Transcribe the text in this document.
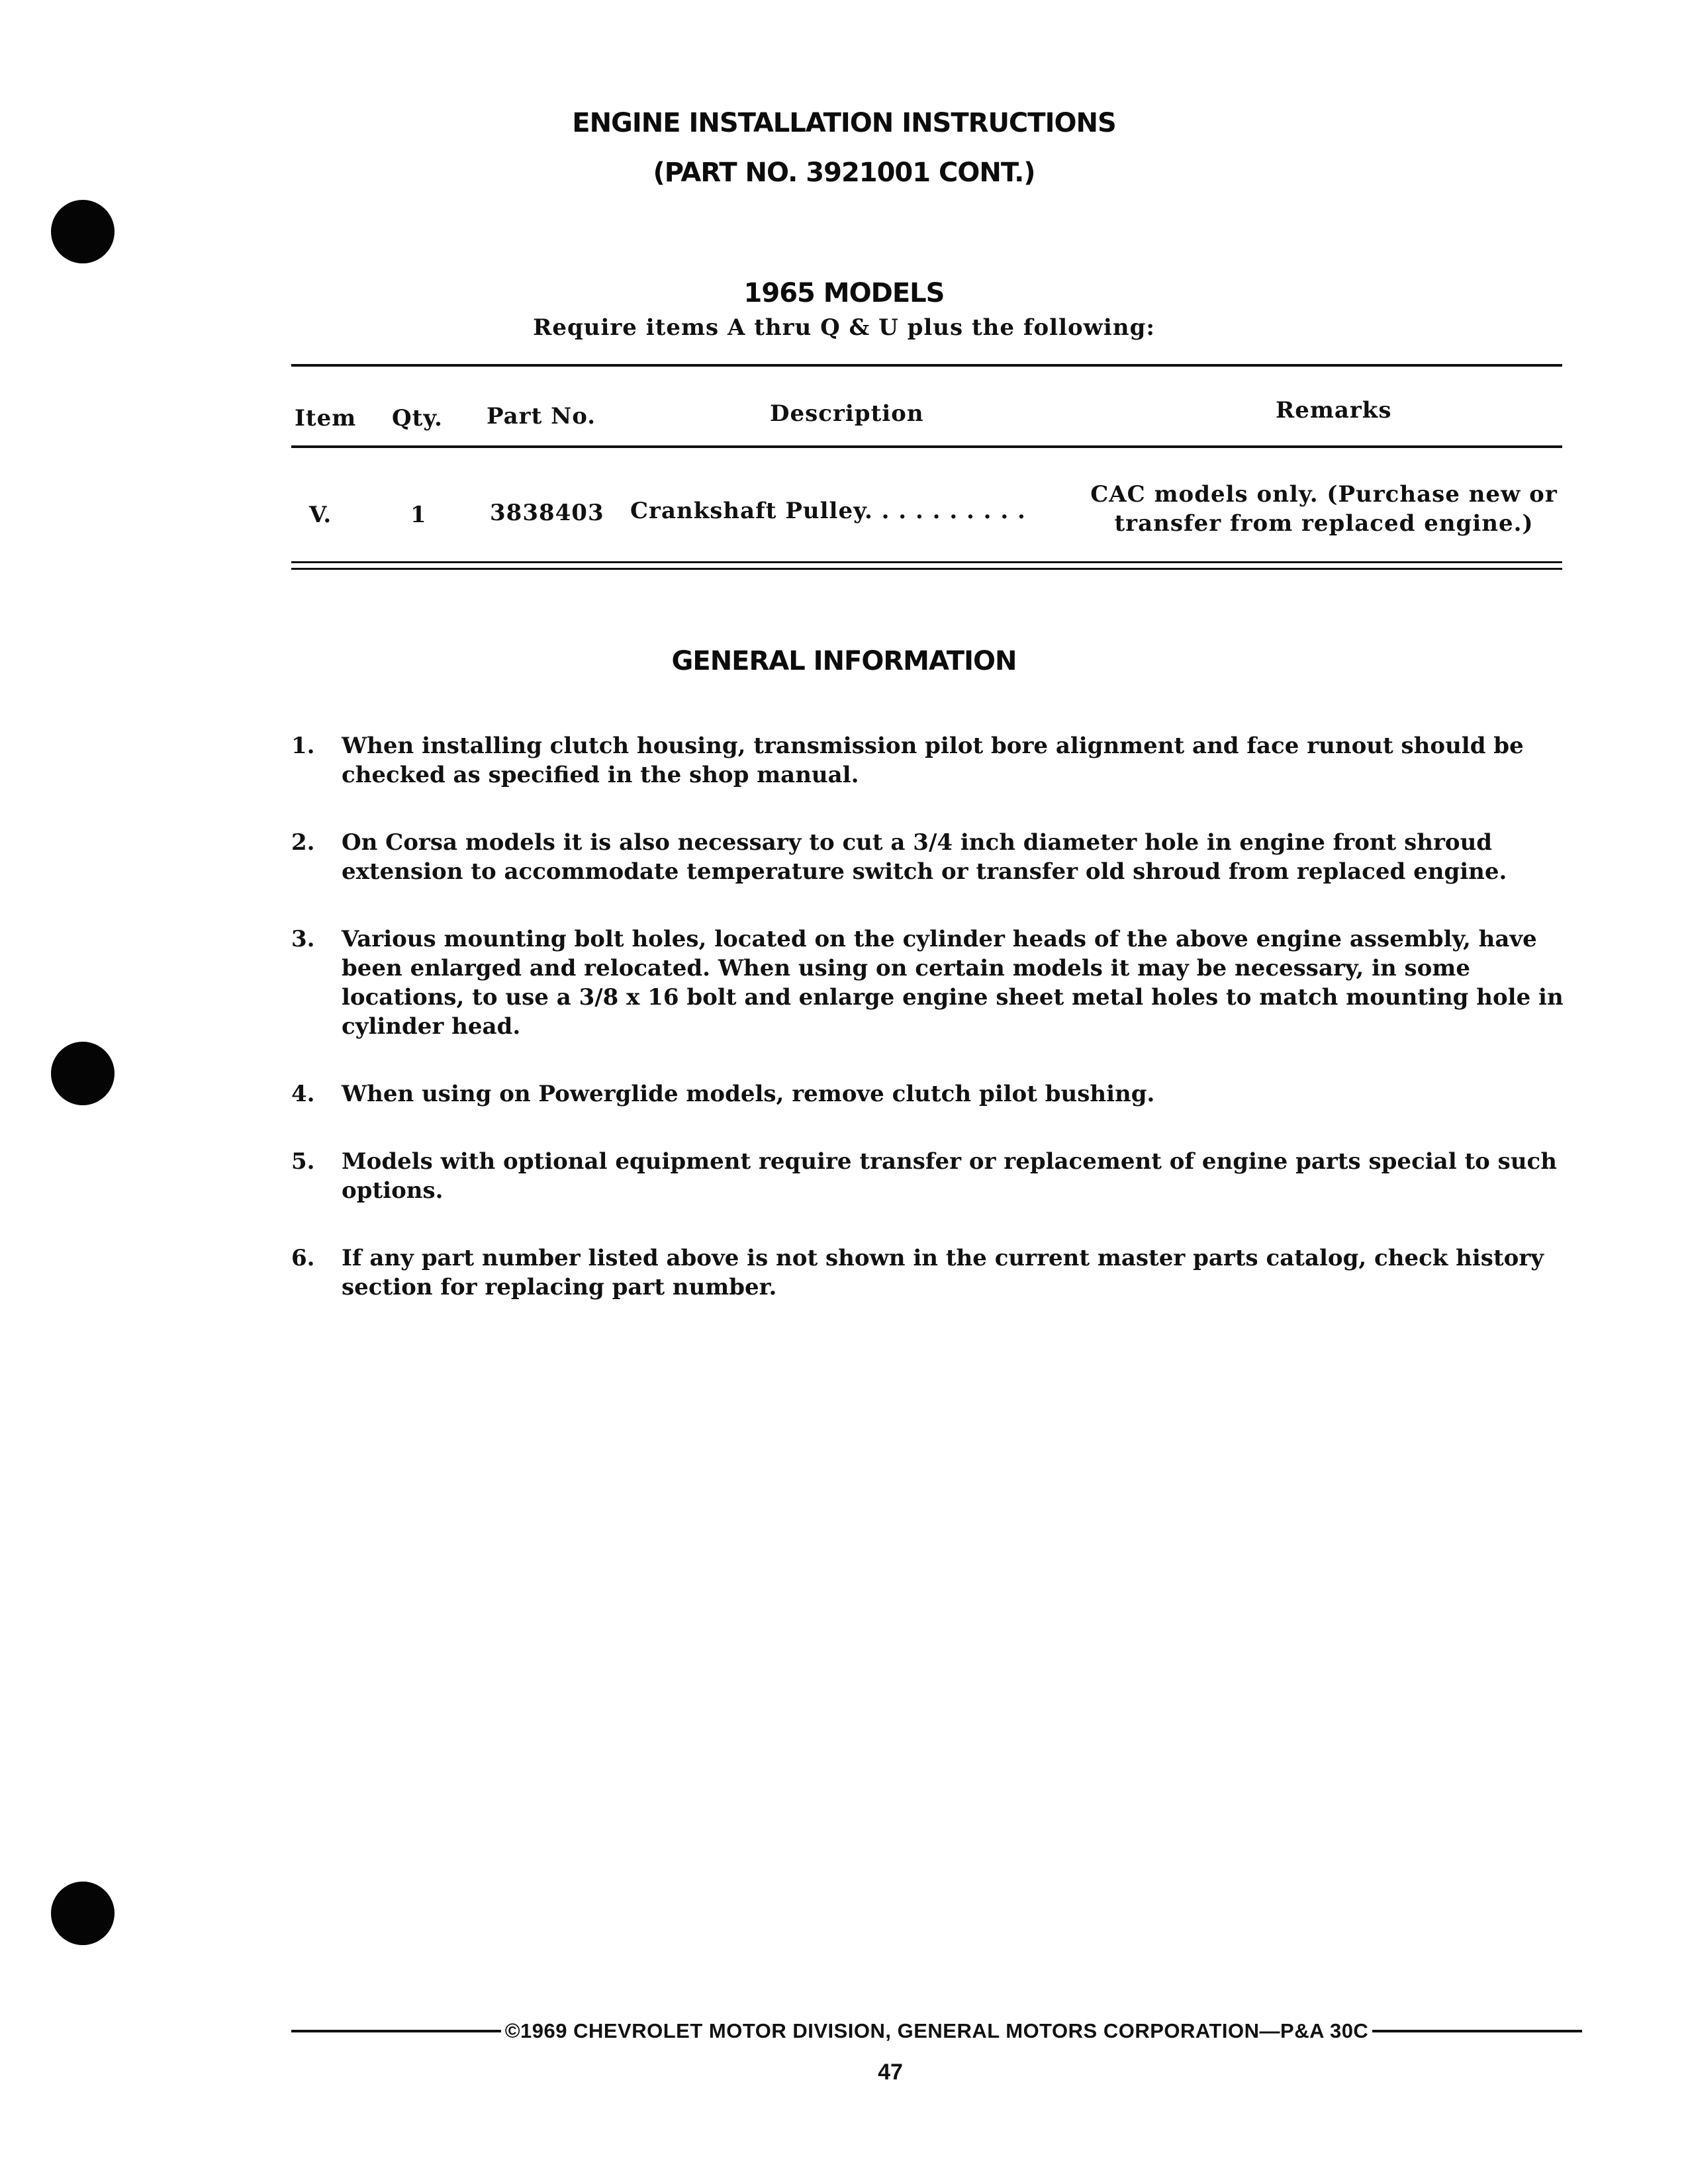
ENGINE INSTALLATION INSTRUCTIONS
(PART NO. 3921001 CONT.)
1965 MODELS
Require items A thru Q & U plus the following:
Item Qty. Part No.	Description	Remarks
V.	1	3838403 Crankshaft Pulley. . . . . . . . . .
CAC models only. (Purchase new or
transfer from replaced engine.)
GENERAL INFORMATION
1. When installing clutch housing, transmission pilot bore alignment and face runout should be checked as specified in the shop manual.
2. On Corsa models it is also necessary to cut a 3/4 inch diameter hole in engine front shroud extension to accommodate temperature switch or transfer old shroud from replaced engine.
3. Various mounting bolt holes, located on the cylinder heads of the above engine assembly, have been enlarged and relocated. When using on certain models it may be necessary, in some locations, to use a 3/8 x 16 bolt and enlarge engine sheet metal holes to match mounting hole in cylinder head.
4. When using on Powerglide models, remove clutch pilot bushing.
5. Models with optional equipment require transfer or replacement of engine parts special to such options.
6. If any part number listed above is not shown in the current master parts catalog, check history section for replacing part number.
©1969 CHEVROLET MOTOR DIVISION, GENERAL MOTORS CORPORATION—P&A 30C
47
